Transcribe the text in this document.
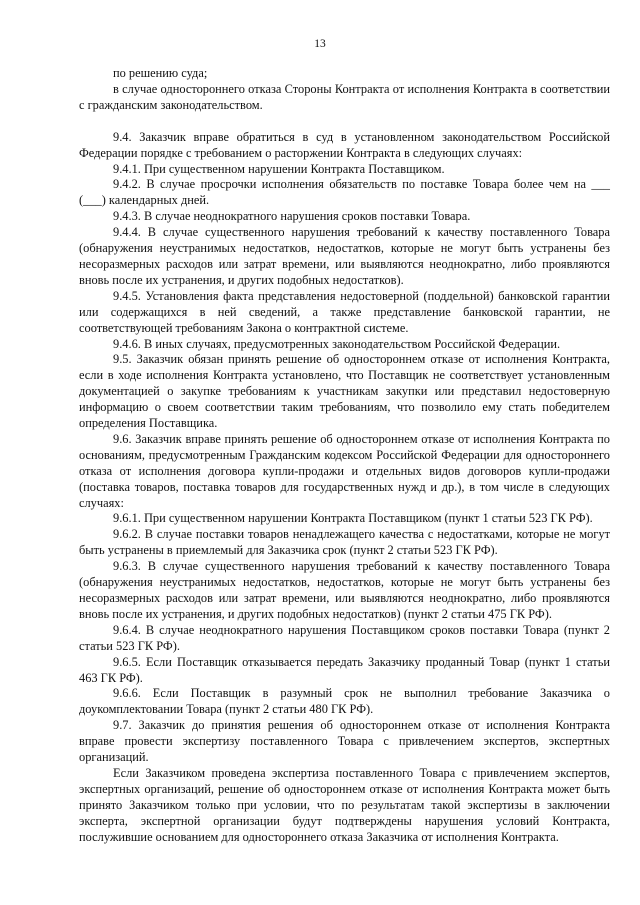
13

по решению суда;

в случае одностороннего отказа Стороны Контракта от исполнения Контракта в соответствии с гражданским законодательством.

9.4. Заказчик вправе обратиться в суд в установленном законодательством Российской Федерации порядке с требованием о расторжении Контракта в следующих случаях:

9.4.1. При существенном нарушении Контракта Поставщиком.

9.4.2. В случае просрочки исполнения обязательств по поставке Товара более чем на ___ (___) календарных дней.

9.4.3. В случае неоднократного нарушения сроков поставки Товара.

9.4.4. В случае существенного нарушения требований к качеству поставленного Товара (обнаружения неустранимых недостатков, недостатков, которые не могут быть устранены без несоразмерных расходов или затрат времени, или выявляются неоднократно, либо проявляются вновь после их устранения, и других подобных недостатков).

9.4.5. Установления факта представления недостоверной (поддельной) банковской гарантии или содержащихся в ней сведений, а также представление банковской гарантии, не соответствующей требованиям Закона о контрактной системе.

9.4.6. В иных случаях, предусмотренных законодательством Российской Федерации.

9.5. Заказчик обязан принять решение об одностороннем отказе от исполнения Контракта, если в ходе исполнения Контракта установлено, что Поставщик не соответствует установленным документацией о закупке требованиям к участникам закупки или представил недостоверную информацию о своем соответствии таким требованиям, что позволило ему стать победителем определения Поставщика.

9.6. Заказчик вправе принять решение об одностороннем отказе от исполнения Контракта по основаниям, предусмотренным Гражданским кодексом Российской Федерации для одностороннего отказа от исполнения договора купли-продажи и отдельных видов договоров купли-продажи (поставка товаров, поставка товаров для государственных нужд и др.), в том числе в следующих случаях:

9.6.1. При существенном нарушении Контракта Поставщиком (пункт 1 статьи 523 ГК РФ).

9.6.2. В случае поставки товаров ненадлежащего качества с недостатками, которые не могут быть устранены в приемлемый для Заказчика срок (пункт 2 статьи 523 ГК РФ).

9.6.3. В случае существенного нарушения требований к качеству поставленного Товара (обнаружения неустранимых недостатков, недостатков, которые не могут быть устранены без несоразмерных расходов или затрат времени, или выявляются неоднократно, либо проявляются вновь после их устранения, и других подобных недостатков) (пункт 2 статьи 475 ГК РФ).

9.6.4. В случае неоднократного нарушения Поставщиком сроков поставки Товара (пункт 2 статьи 523 ГК РФ).

9.6.5. Если Поставщик отказывается передать Заказчику проданный Товар (пункт 1 статьи 463 ГК РФ).

9.6.6. Если Поставщик в разумный срок не выполнил требование Заказчика о доукомплектовании Товара (пункт 2 статьи 480 ГК РФ).

9.7. Заказчик до принятия решения об одностороннем отказе от исполнения Контракта вправе провести экспертизу поставленного Товара с привлечением экспертов, экспертных организаций.

Если Заказчиком проведена экспертиза поставленного Товара с привлечением экспертов, экспертных организаций, решение об одностороннем отказе от исполнения Контракта может быть принято Заказчиком только при условии, что по результатам такой экспертизы в заключении эксперта, экспертной организации будут подтверждены нарушения условий Контракта, послужившие основанием для одностороннего отказа Заказчика от исполнения Контракта.
